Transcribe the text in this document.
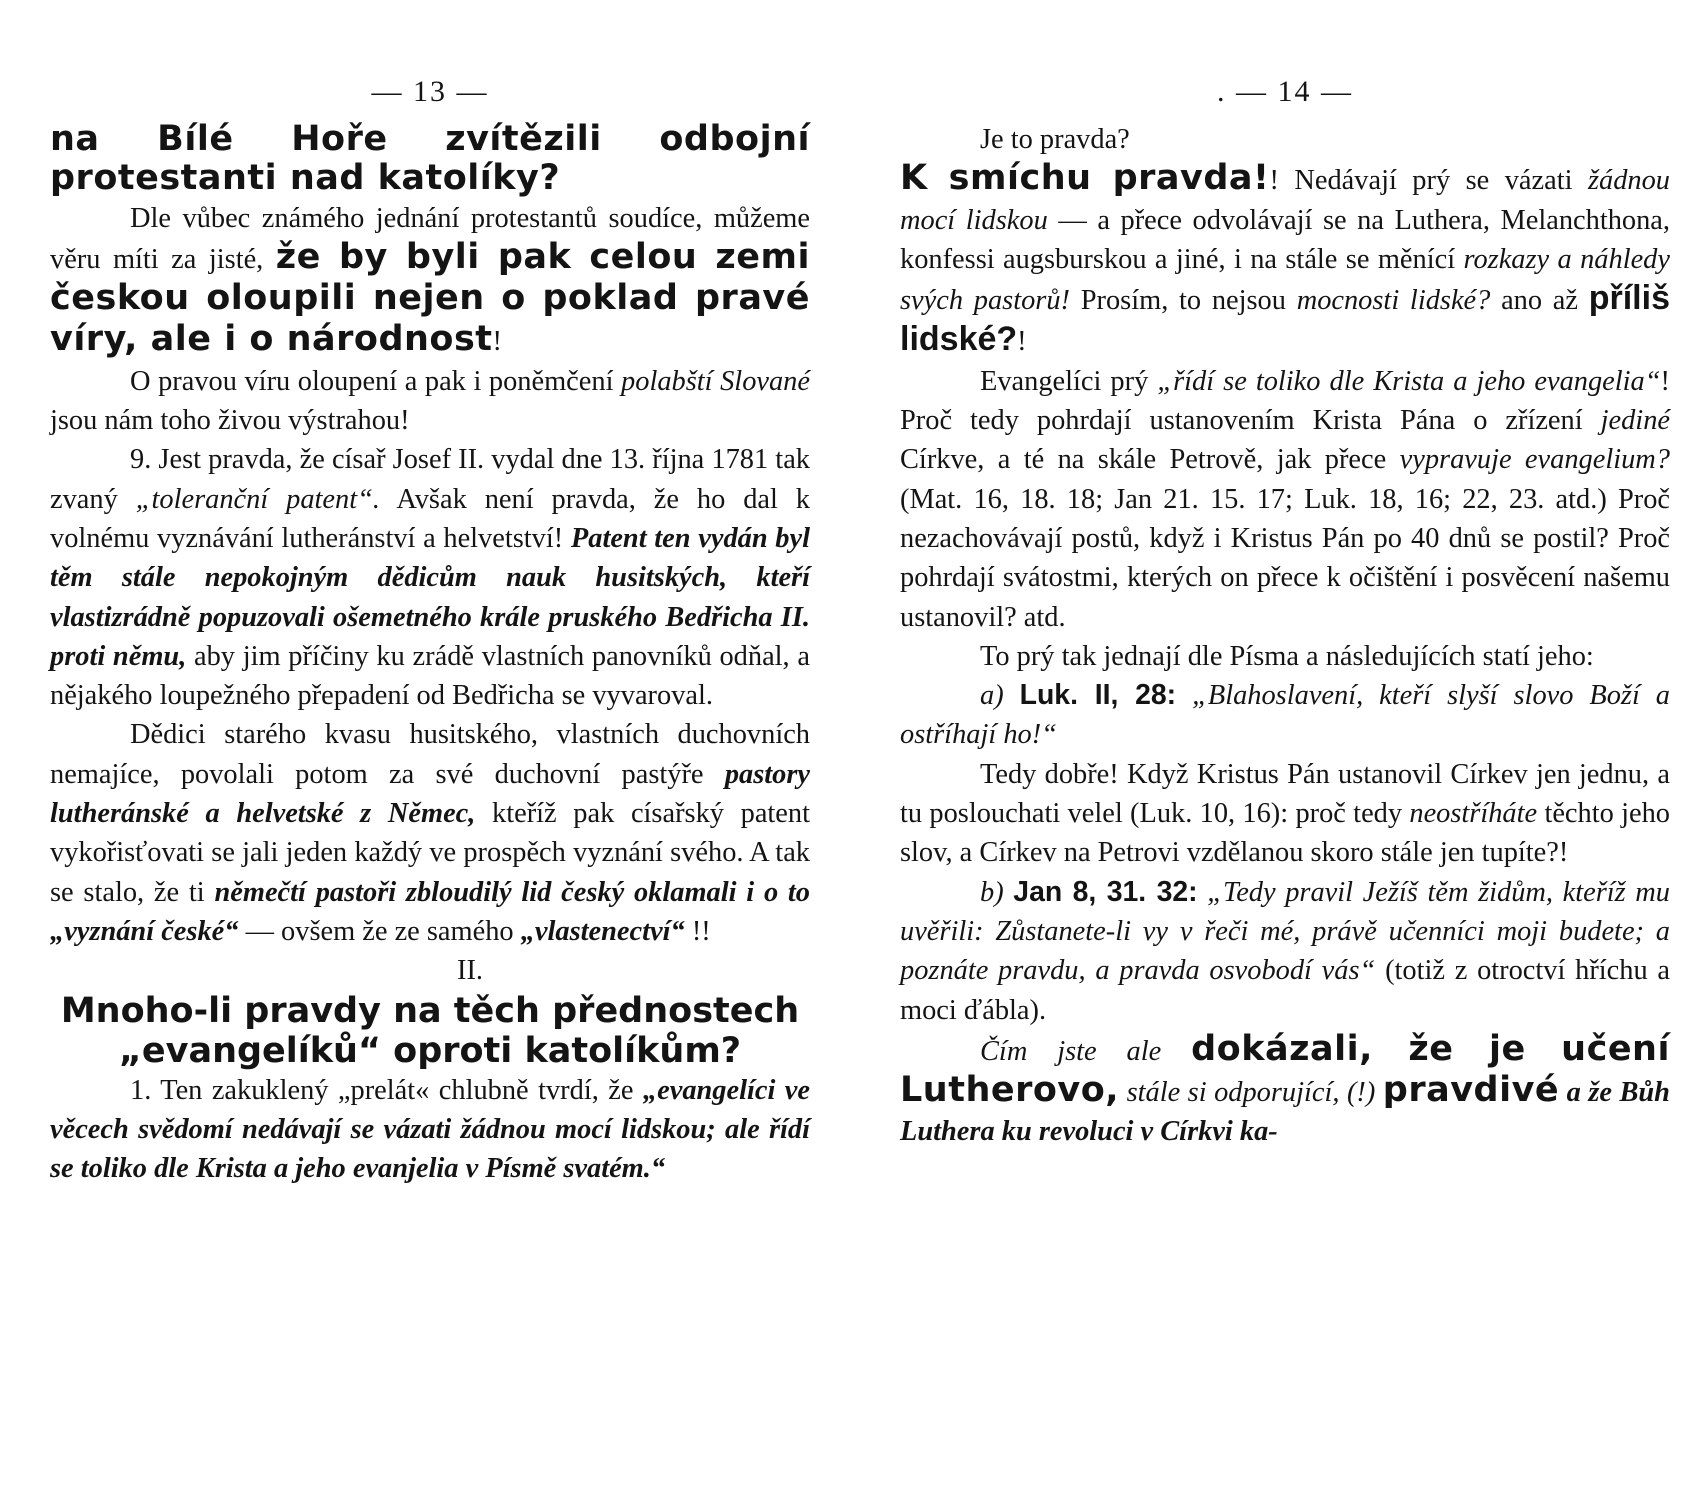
— 13 —

na Bílé Hoře zvítězili odbojní protestanti nad katolíky?

Dle vůbec známého jednání protestantů soudíce, můžeme věru míti za jisté, že by byli pak celou zemi českou oloupili nejen o poklad pravé víry, ale i o národnost!

O pravou víru oloupení a pak i poněmčení polabští Slované jsou nám toho živou výstrahou!

9. Jest pravda, že císař Josef II. vydal dne 13. října 1781 tak zvaný „toleranční patent“. Avšak není pravda, že ho dal k volnému vyznávání lutheránství a helvetství! Patent ten vydán byl těm stále nepokojným dědicům nauk husitských, kteří vlastizrádně popuzovali ošemetného krále pruského Bedřicha II. proti němu, aby jim příčiny ku zrádě vlastních panovníků odňal, a nějakého loupežného přepadení od Bedřicha se vyvaroval.

Dědici starého kvasu husitského, vlastních duchovních nemajíce, povolali potom za své duchovní pastýře pastory lutheránské a helvetské z Němec, kteříž pak císařský patent vykořisťovati se jali jeden každý ve prospěch vyznání svého. A tak se stalo, že ti němečtí pastoři zbloudilý lid český oklamali i o to „vyznání české“ — ovšem že ze samého „vlastenectví“ !!

II.

Mnoho-li pravdy na těch přednostech „evangelíků“ oproti katolíkům?

1. Ten zakuklený „prelát« chlubně tvrdí, že „evangelíci ve věcech svědomí nedávají se vázati žádnou mocí lidskou; ale řídí se toliko dle Krista a jeho evanjelia v Písmě svatém.“

. — 14 —

Je to pravda?

K smíchu pravda!! Nedávají prý se vázati žádnou mocí lidskou — a přece odvolávají se na Luthera, Melanchthona, konfessi augsburskou a jiné, i na stále se měnící rozkazy a náhledy svých pastorů! Prosím, to nejsou mocnosti lidské? ano až příliš lidské?!

Evangelíci prý „řídí se toliko dle Krista a jeho evangelia“! Proč tedy pohrdají ustanovením Krista Pána o zřízení jediné Církve, a té na skále Petrově, jak přece vypravuje evangelium? (Mat. 16, 18. 18; Jan 21. 15. 17; Luk. 18, 16; 22, 23. atd.) Proč nezachovávají postů, když i Kristus Pán po 40 dnů se postil? Proč pohrdají svátostmi, kterých on přece k očištění i posvěcení našemu ustanovil? atd.

To prý tak jednají dle Písma a následujících statí jeho:

a) Luk. II, 28: „Blahoslavení, kteří slyší slovo Boží a ostříhají ho!“

Tedy dobře! Když Kristus Pán ustanovil Církev jen jednu, a tu poslouchati velel (Luk. 10, 16): proč tedy neostříháte těchto jeho slov, a Církev na Petrovi vzdělanou skoro stále jen tupíte?!

b) Jan 8, 31. 32: „Tedy pravil Ježíš těm židům, kteříž mu uvěřili: Zůstanete-li vy v řeči mé, právě učenníci moji budete; a poznáte pravdu, a pravda osvobodí vás“ (totiž z otroctví hříchu a moci ďábla).

Čím jste ale dokázali, že je učení Lutherovo, stále si odporující, (!) pravdivé a že Bůh Luthera ku revoluci v Církvi ka-
